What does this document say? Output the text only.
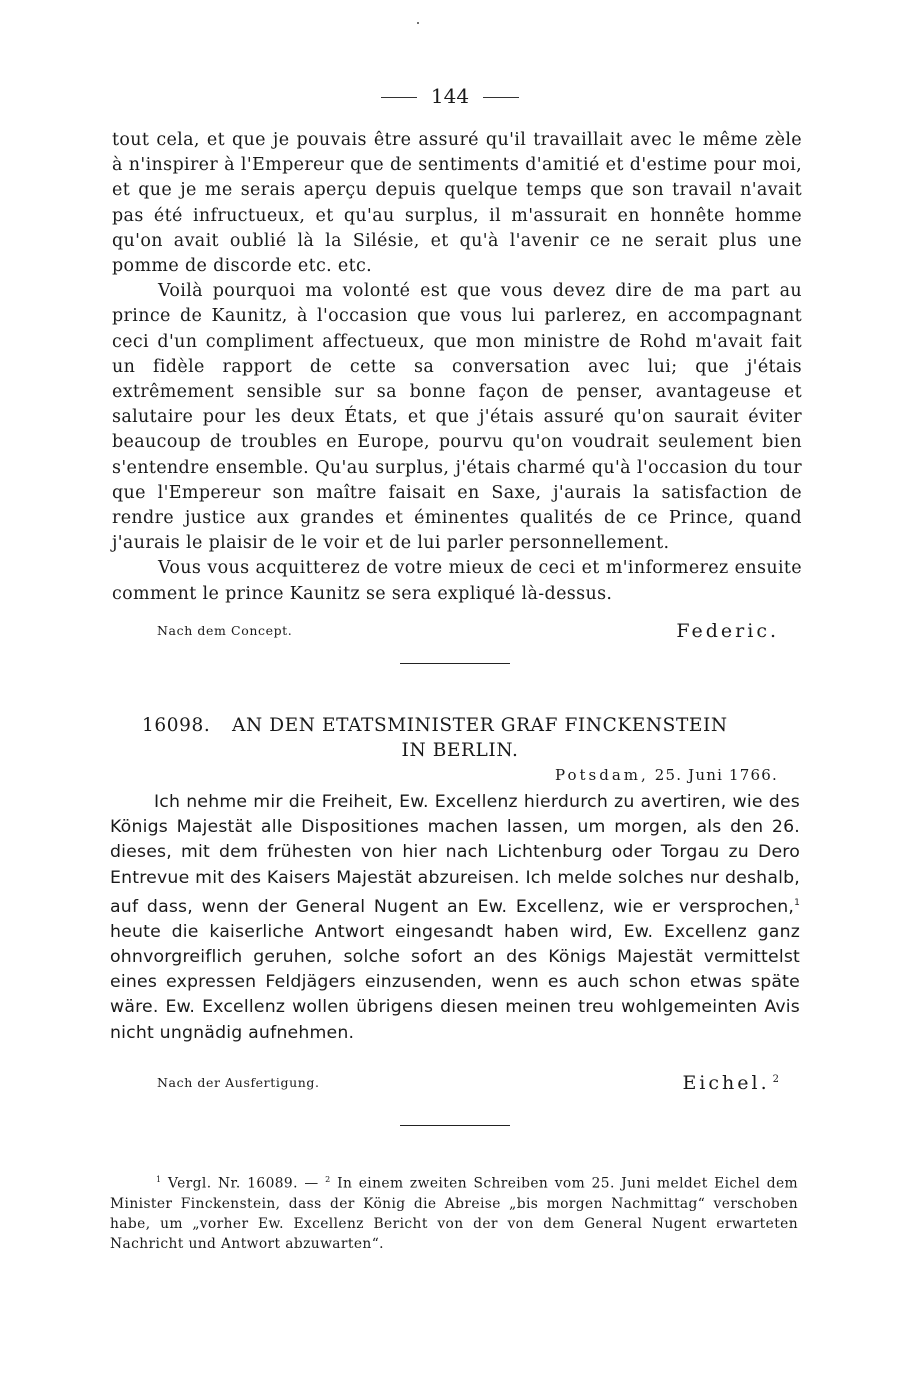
144

tout cela, et que je pouvais être assuré qu'il travaillait avec le même zèle à n'inspirer à l'Empereur que de sentiments d'amitié et d'estime pour moi, et que je me serais aperçu depuis quelque temps que son travail n'avait pas été infructueux, et qu'au surplus, il m'assurait en honnête homme qu'on avait oublié là la Silésie, et qu'à l'avenir ce ne serait plus une pomme de discorde etc. etc.

Voilà pourquoi ma volonté est que vous devez dire de ma part au prince de Kaunitz, à l'occasion que vous lui parlerez, en accompagnant ceci d'un compliment affectueux, que mon ministre de Rohd m'avait fait un fidèle rapport de cette sa conversation avec lui; que j'étais extrêmement sensible sur sa bonne façon de penser, avantageuse et salutaire pour les deux États, et que j'étais assuré qu'on saurait éviter beaucoup de troubles en Europe, pourvu qu'on voudrait seulement bien s'entendre ensemble. Qu'au surplus, j'étais charmé qu'à l'occasion du tour que l'Empereur son maître faisait en Saxe, j'aurais la satisfaction de rendre justice aux grandes et éminentes qualités de ce Prince, quand j'aurais le plaisir de le voir et de lui parler personnellement.

Vous vous acquitterez de votre mieux de ceci et m'informerez ensuite comment le prince Kaunitz se sera expliqué là-dessus.

Nach dem Concept.	Federic.
16098. AN DEN ETATSMINISTER GRAF FINCKENSTEIN
IN BERLIN.
Potsdam, 25. Juni 1766.

Ich nehme mir die Freiheit, Ew. Excellenz hierdurch zu avertiren, wie des Königs Majestät alle Dispositiones machen lassen, um morgen, als den 26. dieses, mit dem frühesten von hier nach Lichtenburg oder Torgau zu Dero Entrevue mit des Kaisers Majestät abzureisen. Ich melde solches nur deshalb, auf dass, wenn der General Nugent an Ew. Excellenz, wie er versprochen,$^1$ heute die kaiserliche Antwort eingesandt haben wird, Ew. Excellenz ganz ohnvorgreiflich geruhen, solche sofort an des Königs Majestät vermittelst eines expressen Feldjägers einzusenden, wenn es auch schon etwas späte wäre. Ew. Excellenz wollen übrigens diesen meinen treu wohlgemeinten Avis nicht ungnädig aufnehmen.

Nach der Ausfertigung.	Eichel. $^2$

$^1$ Vergl. Nr. 16089. — $^2$ In einem zweiten Schreiben vom 25. Juni meldet Eichel dem Minister Finckenstein, dass der König die Abreise „bis morgen Nachmittag“ verschoben habe, um „vorher Ew. Excellenz Bericht von der von dem General Nugent erwarteten Nachricht und Antwort abzuwarten“.
